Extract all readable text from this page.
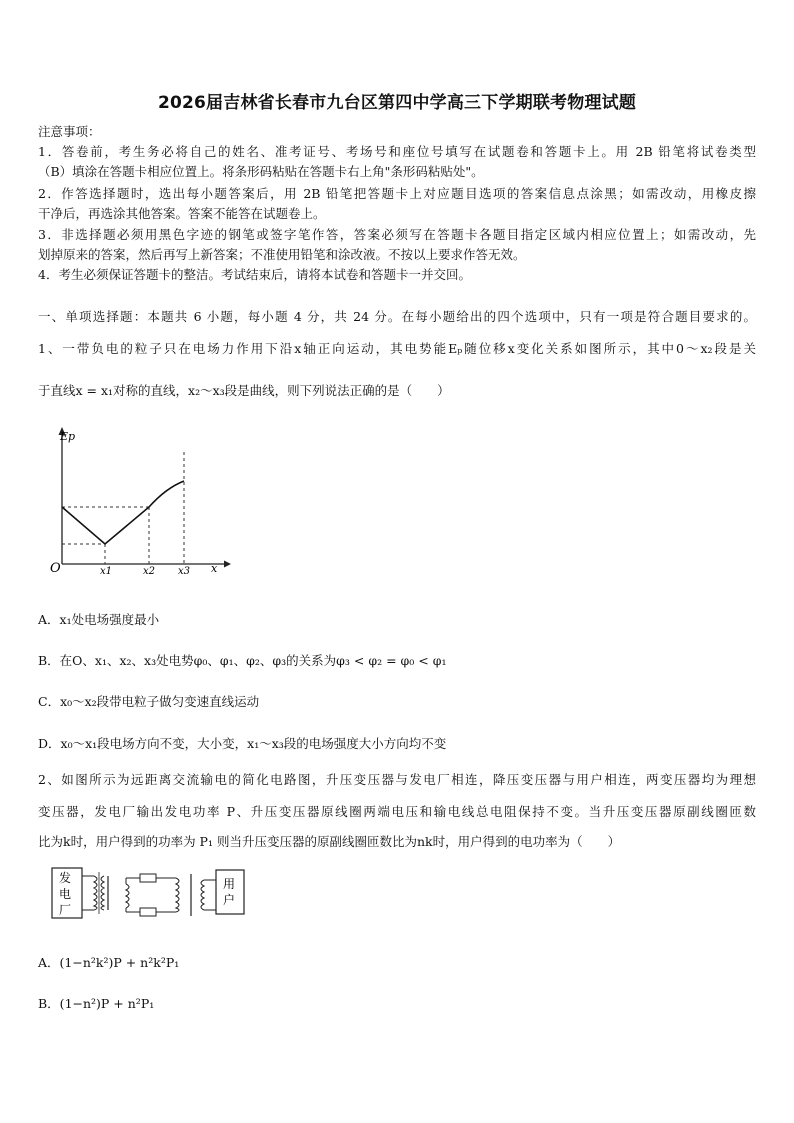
2026届吉林省长春市九台区第四中学高三下学期联考物理试题
注意事项：
1．答卷前，考生务必将自己的姓名、准考证号、考场号和座位号填写在试题卷和答题卡上。用 2B 铅笔将试卷类型
（B）填涂在答题卡相应位置上。将条形码粘贴在答题卡右上角"条形码粘贴处"。
2．作答选择题时，选出每小题答案后，用 2B 铅笔把答题卡上对应题目选项的答案信息点涂黑；如需改动，用橡皮擦
干净后，再选涂其他答案。答案不能答在试题卷上。
3．非选择题必须用黑色字迹的钢笔或签字笔作答，答案必须写在答题卡各题目指定区域内相应位置上；如需改动，先
划掉原来的答案，然后再写上新答案；不准使用铅笔和涂改液。不按以上要求作答无效。
4．考生必须保证答题卡的整洁。考试结束后，请将本试卷和答题卡一并交回。
一、单项选择题：本题共 6 小题，每小题 4 分，共 24 分。在每小题给出的四个选项中，只有一项是符合题目要求的。
1、一带负电的粒子只在电场力作用下沿x轴正向运动，其电势能Eₚ随位移x变化关系如图所示，其中0～x₂段是关
于直线x = x₁对称的直线，x₂～x₃段是曲线，则下列说法正确的是（　　）
Ep
O	x
x1	x2 x3
A．x₁处电场强度最小
B．在O、x₁、x₂、x₃处电势φ₀、φ₁、φ₂、φ₃的关系为φ₃ < φ₂ = φ₀ < φ₁
C．x₀～x₂段带电粒子做匀变速直线运动
D．x₀～x₁段电场方向不变，大小变，x₁～x₃段的电场强度大小方向均不变
2、如图所示为远距离交流输电的简化电路图，升压变压器与发电厂相连，降压变压器与用户相连，两变压器均为理想
变压器，发电厂输出发电功率 P、升压变压器原线圈两端电压和输电线总电阻保持不变。当升压变压器原副线圈匝数
比为k时，用户得到的功率为 P₁ 则当升压变压器的原副线圈匝数比为nk时，用户得到的电功率为（　　）
发
电
厂
用
户
A．(1−n²k²)P + n²k²P₁
B．(1−n²)P + n²P₁
